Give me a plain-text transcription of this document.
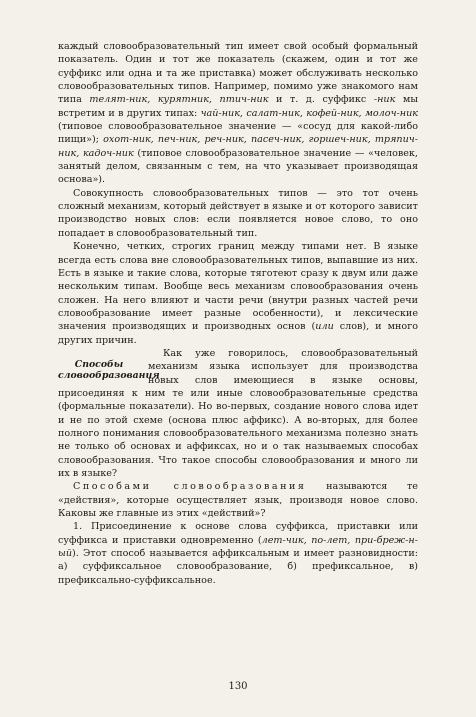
каждый словообразовательный тип имеет свой особый формальный показатель. Один и тот же показатель (скажем, один и тот же суффикс или одна и та же приставка) может обслуживать несколько словообразовательных типов. Например, помимо уже знакомого нам типа телят-ник, курятник, птич-ник и т. д. суффикс -ник мы встретим и в других типах: чай-ник, салат-ник, кофей-ник, молоч-ник (типовое словообразовательное значение — «сосуд для какой-либо пищи»); охот-ник, печ-ник, реч-ник, пасеч-ник, горшеч-ник, тряпич-ник, кадоч-ник (типовое словообразовательное значение — «человек, занятый делом, связанным с тем, на что указывает производящая основа»).

Совокупность словообразовательных типов — это тот очень сложный механизм, который действует в языке и от которого зависит производство новых слов: если появляется новое слово, то оно попадает в словообразовательный тип.

Конечно, четких, строгих границ между типами нет. В языке всегда есть слова вне словообразовательных типов, выпавшие из них. Есть в языке и такие слова, которые тяготеют сразу к двум или даже нескольким типам. Вообще весь механизм словообразования очень сложен. На него влияют и части речи (внутри разных частей речи словообразование имеет разные особенности), и лексические значения производящих и производных основ (или слов), и много других причин.

Способы словообразования

Как уже говорилось, словообразовательный механизм языка использует для производства новых слов имеющиеся в языке основы, присоединяя к ним те или иные словообразовательные средства (формальные показатели). Но во-первых, создание нового слова идет и не по этой схеме (основа плюс аффикс). А во-вторых, для более полного понимания словообразовательного механизма полезно знать не только об основах и аффиксах, но и о так называемых способах словообразования. Что такое способы словообразования и много ли их в языке?

Способами словообразования называются те «действия», которые осуществляет язык, производя новое слово. Каковы же главные из этих «действий»?

1. Присоединение к основе слова суффикса, приставки или суффикса и приставки одновременно (лет-чик, по-лет, при-бреж-н-ый). Этот способ называется аффиксальным и имеет разновидности: а) суффиксальное словообразование, б) префиксальное, в) префиксально-суффиксальное.

130
